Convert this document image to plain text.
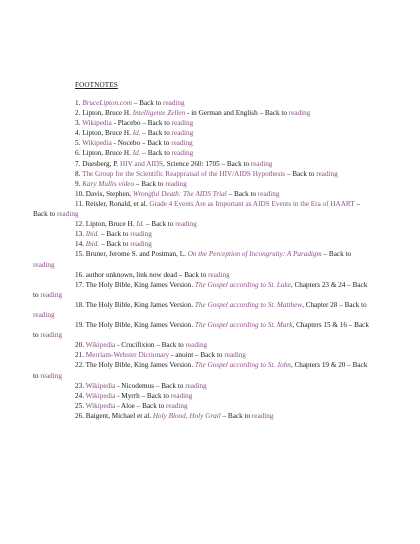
FOOTNOTES

1. BruceLipton.com – Back to reading

2. Lipton, Bruce H. Intelligente Zellen - in German and English – Back to reading

3. Wikipedia - Placebo – Back to reading

4. Lipton, Bruce H. Id. – Back to reading

5. Wikipedia - Nocebo – Back to reading

6. Lipton, Bruce H. Id. – Back to reading

7. Duesberg, P. HIV and AIDS, Science 260: 1705 – Back to reading

8. The Group for the Scientific Reappraisal of the HIV/AIDS Hypothesis – Back to reading

9. Kary Mullis video – Back to reading

10. Davis, Stephen, Wrongful Death: The AIDS Trial – Back to reading

11. Reisler, Ronald, et al. Grade 4 Events Are as Important as AIDS Events in the Era of HAART – Back to reading

12. Lipton, Bruce H. Id. – Back to reading

13. Ibid. – Back to reading

14. Ibid. – Back to reading

15. Bruner, Jerome S. and Postman, L. On the Perception of Incongruity: A Paradigm – Back to reading

16. author unknown, link now dead – Back to reading

17. The Holy Bible, King James Version. The Gospel according to St. Luke, Chapters 23 & 24 – Back to reading

18. The Holy Bible, King James Version. The Gospel according to St. Matthew, Chapter 28 – Back to reading

19. The Holy Bible, King James Version. The Gospel according to St. Mark, Chapters 15 & 16 – Back to reading

20. Wikipedia - Crucifixion – Back to reading

21. Merriam-Webster Dictionary - anoint – Back to reading

22. The Holy Bible, King James Version. The Gospel according to St. John, Chapters 19 & 20 – Back to reading

23. Wikipedia - Nicodemus – Back to reading

24. Wikipedia - Myrrh – Back to reading

25. Wikipedia - Aloe – Back to reading

26. Baigent, Michael et al. Holy Blood, Holy Grail – Back to reading
